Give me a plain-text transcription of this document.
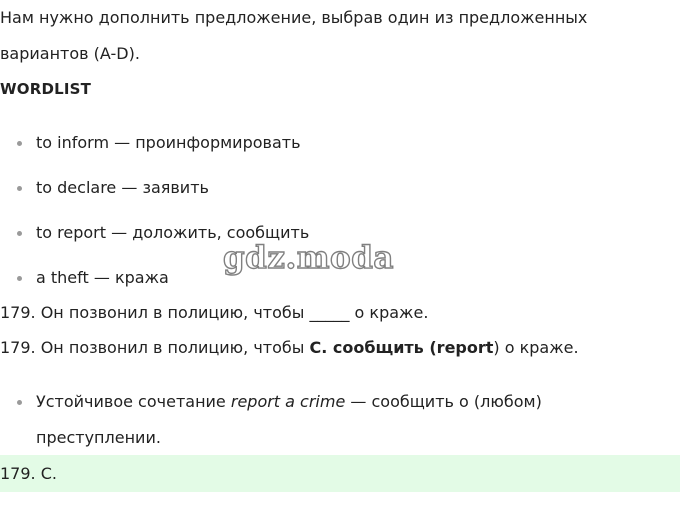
Нам нужно дополнить предложение, выбрав один из предложенных
вариантов (A-D).
WORDLIST
to inform — проинформировать
to declare — заявить
to report — доложить, сообщить
a theft — кража
gdz.moda
179. Он позвонил в полицию, чтобы _____ о краже.
179. Он позвонил в полицию, чтобы C. сообщить (report) о краже.
Устойчивое сочетание report a crime — сообщить о (любом)
преступлении.
179. C.
